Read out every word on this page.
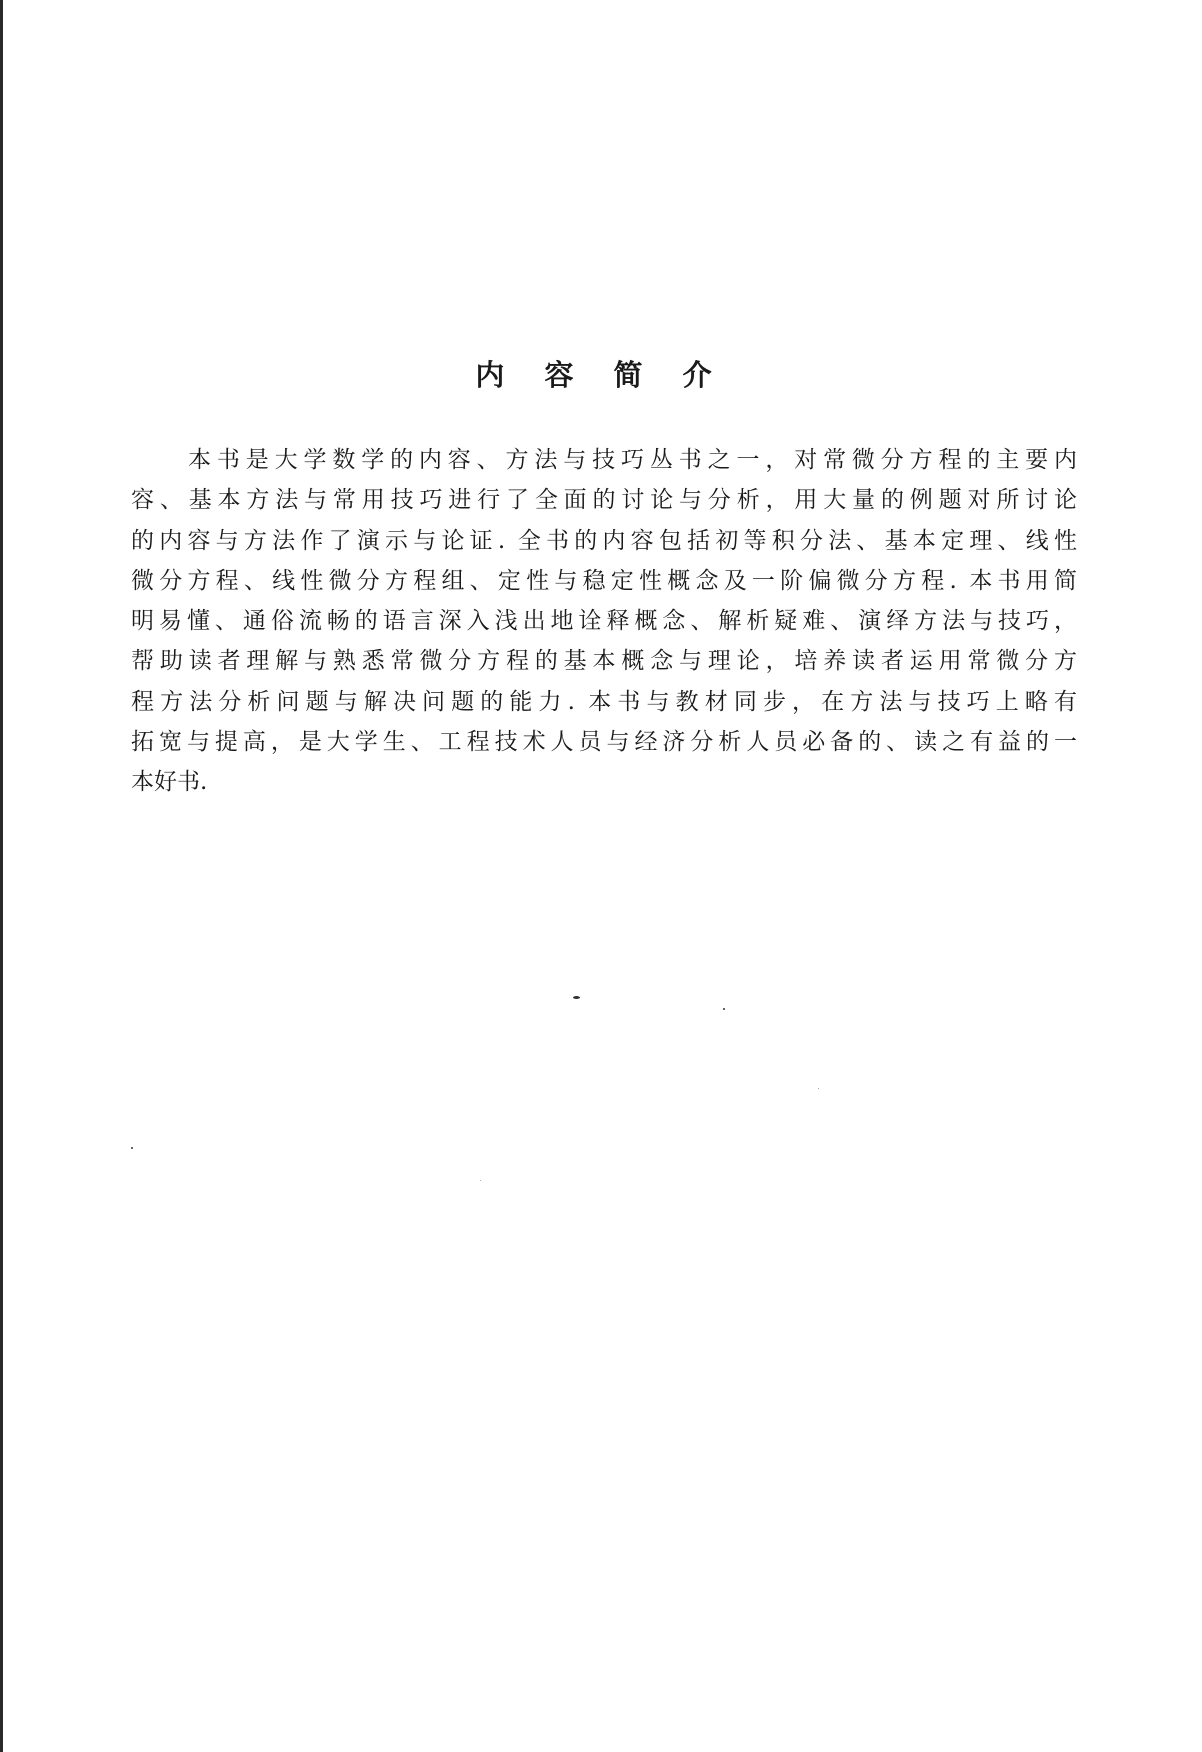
内 容 简 介
本书是大学数学的内容、方法与技巧丛书之一，对常微分方程的主要内
容、基本方法与常用技巧进行了全面的讨论与分析，用大量的例题对所讨论
的内容与方法作了演示与论证. 全书的内容包括初等积分法、基本定理、线性
微分方程、线性微分方程组、定性与稳定性概念及一阶偏微分方程. 本书用简
明易懂、通俗流畅的语言深入浅出地诠释概念、解析疑难、演绎方法与技巧，
帮助读者理解与熟悉常微分方程的基本概念与理论，培养读者运用常微分方
程方法分析问题与解决问题的能力. 本书与教材同步，在方法与技巧上略有
拓宽与提高，是大学生、工程技术人员与经济分析人员必备的、读之有益的一
本好书.
